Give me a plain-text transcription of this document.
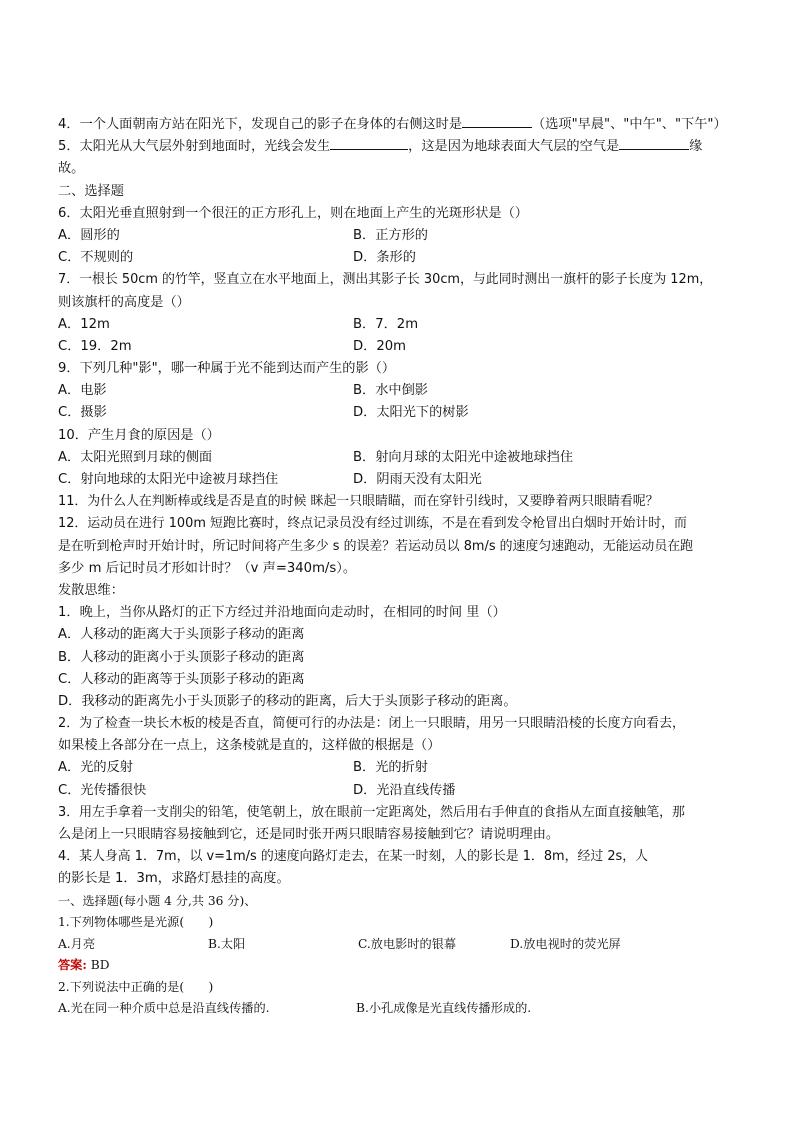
4．一个人面朝南方站在阳光下，发现自己的影子在身体的右侧这时是	（选项"早晨"、"中午"、"下午"）
5．太阳光从大气层外射到地面时，光线会发生	，这是因为地球表面大气层的空气是	缘
故。
二、选择题
6．太阳光垂直照射到一个很汪的正方形孔上，则在地面上产生的光斑形状是（）
A．圆形的	B．正方形的
C．不规则的	D．条形的
7．一根长 50cm 的竹竿，竖直立在水平地面上，测出其影子长 30cm，与此同时测出一旗杆的影子长度为 12m，
则该旗杆的高度是（）
A．12m	B．7．2m
C．19．2m	D．20m
9．下列几种"影"，哪一种属于光不能到达而产生的影（）
A．电影	B．水中倒影
C．摄影	D．太阳光下的树影
10．产生月食的原因是（）
A．太阳光照到月球的侧面	B．射向月球的太阳光中途被地球挡住
C．射向地球的太阳光中途被月球挡住	D．阴雨天没有太阳光
11．为什么人在判断棒或线是否是直的时候 眯起一只眼睛瞄，而在穿针引线时，又要睁着两只眼睛看呢？
12．运动员在进行 100m 短跑比赛时，终点记录员没有经过训练，不是在看到发令枪冒出白烟时开始计时，而
是在听到枪声时开始计时，所记时间将产生多少 s 的误差？若运动员以 8m/s 的速度匀速跑动，无能运动员在跑
多少 m 后记时员才形如计时？（v 声=340m/s）。
发散思维：
1．晚上，当你从路灯的正下方经过并沿地面向走动时，在相同的时间 里（）
A．人移动的距离大于头顶影子移动的距离
B．人移动的距离小于头顶影子移动的距离
C．人移动的距离等于头顶影子移动的距离
D．我移动的距离先小于头顶影子的移动的距离，后大于头顶影子移动的距离。
2．为了检查一块长木板的棱是否直，简便可行的办法是：闭上一只眼睛，用另一只眼睛沿棱的长度方向看去，
如果棱上各部分在一点上，这条棱就是直的，这样做的根据是（）
A．光的反射	B．光的折射
C．光传播很快	D．光沿直线传播
3．用左手拿着一支削尖的铅笔，使笔朝上，放在眼前一定距离处，然后用右手伸直的食指从左面直接触笔，那
么是闭上一只眼睛容易接触到它，还是同时张开两只眼睛容易接触到它？请说明理由。
4．某人身高 1．7m，以 v=1m/s 的速度向路灯走去，在某一时刻，人的影长是 1．8m，经过 2s，人
的影长是 1．3m，求路灯悬挂的高度。
一、选择题(每小题 4 分,共 36 分)、
1.下列物体哪些是光源(　　)
A.月亮	B.太阳	C.放电影时的银幕	D.放电视时的荧光屏
答案: BD
2.下列说法中正确的是(　　)
A.光在同一种介质中总是沿直线传播的.	B.小孔成像是光直线传播形成的.
